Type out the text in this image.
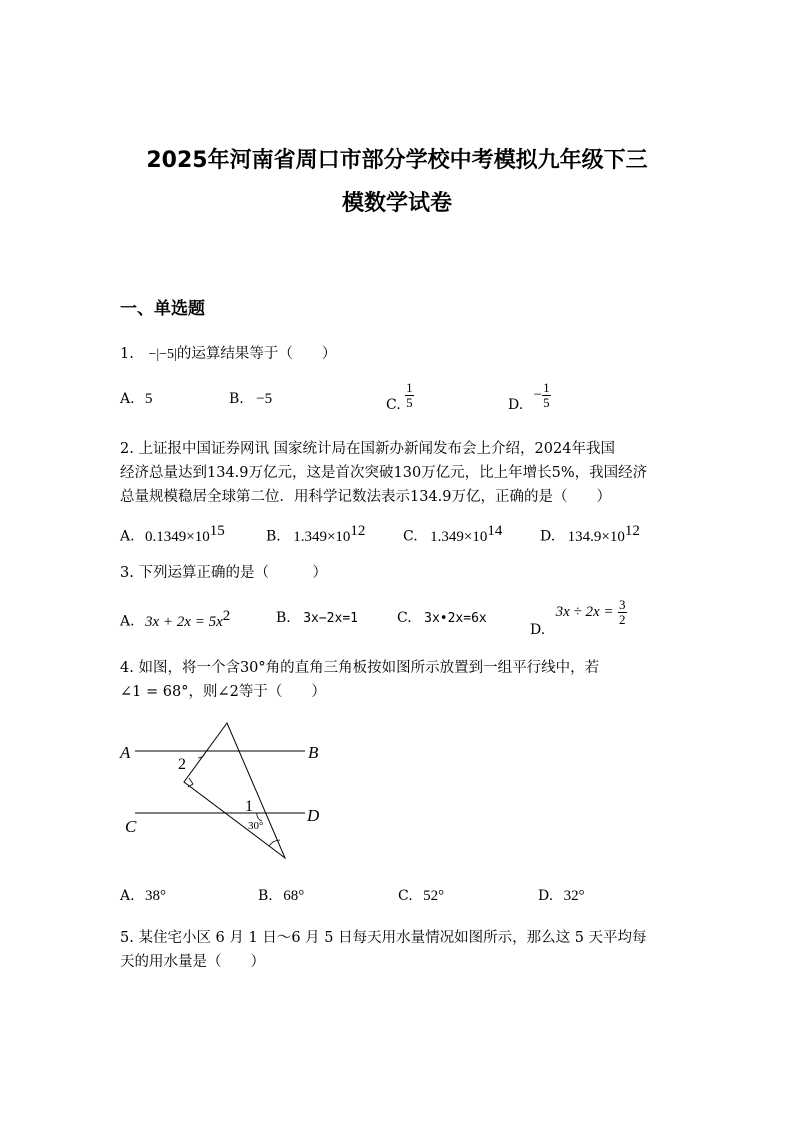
2025年河南省周口市部分学校中考模拟九年级下三
模数学试卷
一、单选题
1. −|−5|的运算结果等于（　　）
A. 5	B. −5	C. $\frac{1}{5}$	D. − $\frac{1}{5}$
2. 上证报中国证券网讯 国家统计局在国新办新闻发布会上介绍，2024年我国
经济总量达到134.9万亿元，这是首次突破130万亿元，比上年增长5%，我国经济
总量规模稳居全球第二位．用科学记数法表示134.9万亿，正确的是（　　）
A. $0.1349\times 10^{15}$	B. $1.349\times 10^{12}$	C. $1.349\times 10^{14}$	D. $134.9\times 10^{12}$
3. 下列运算正确的是（　　　）
A. $3x + 2x = 5x^2$	B. 3x−2x=1	C. 3x•2x=6x
D. $3x \div 2x = \frac{3}{2}$
4. 如图，将一个含30°角的直角三角板按如图所示放置到一组平行线中，若
∠1 = 68°，则∠2等于（　　）
A	B
C
D
2
1
30°
A. 38°	B. 68°	C. 52°	D. 32°
5. 某住宅小区 6 月 1 日～6 月 5 日每天用水量情况如图所示，那么这 5 天平均每
天的用水量是（　　）
